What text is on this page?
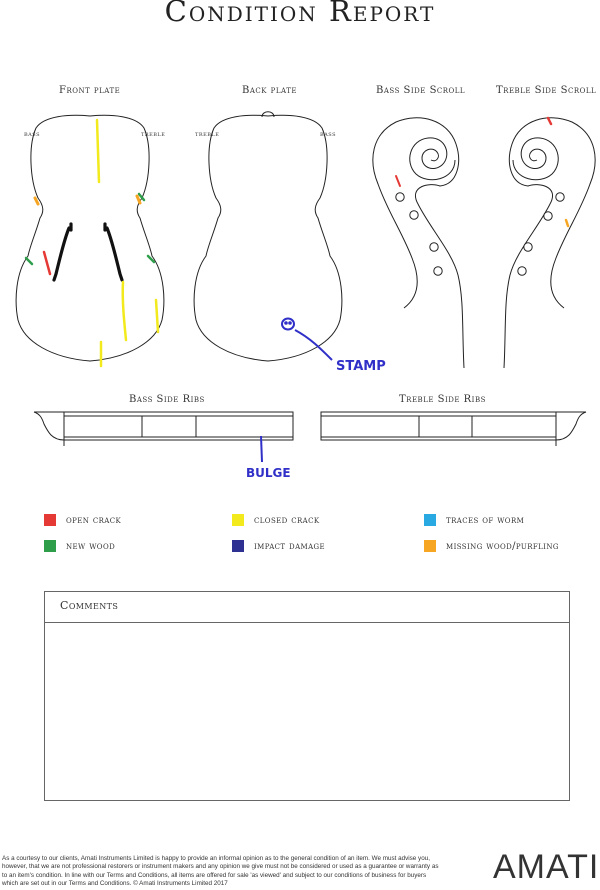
Condition Report
Front plate	Back plate	Bass Side Scroll	Treble Side Scroll
Bass Side Ribs	Treble Side Ribs
bass	treble	treble	bass
STAMP
BULGE
open crack	closed crack	traces of worm
new wood	impact damage	missing wood/purfling
Comments

As a courtesy to our clients, Amati Instruments Limited is happy to provide an informal opinion as to the general condition of an item. We must advise you, however, that we are not professional restorers or instrument makers and any opinion we give must not be considered or used as a guarantee or warranty as to an item's condition. In line with our Terms and Conditions, all items are offered for sale 'as viewed' and subject to our conditions of business for buyers which are set out in our Terms and Conditions. © Amati Instruments Limited 2017	AMATI
